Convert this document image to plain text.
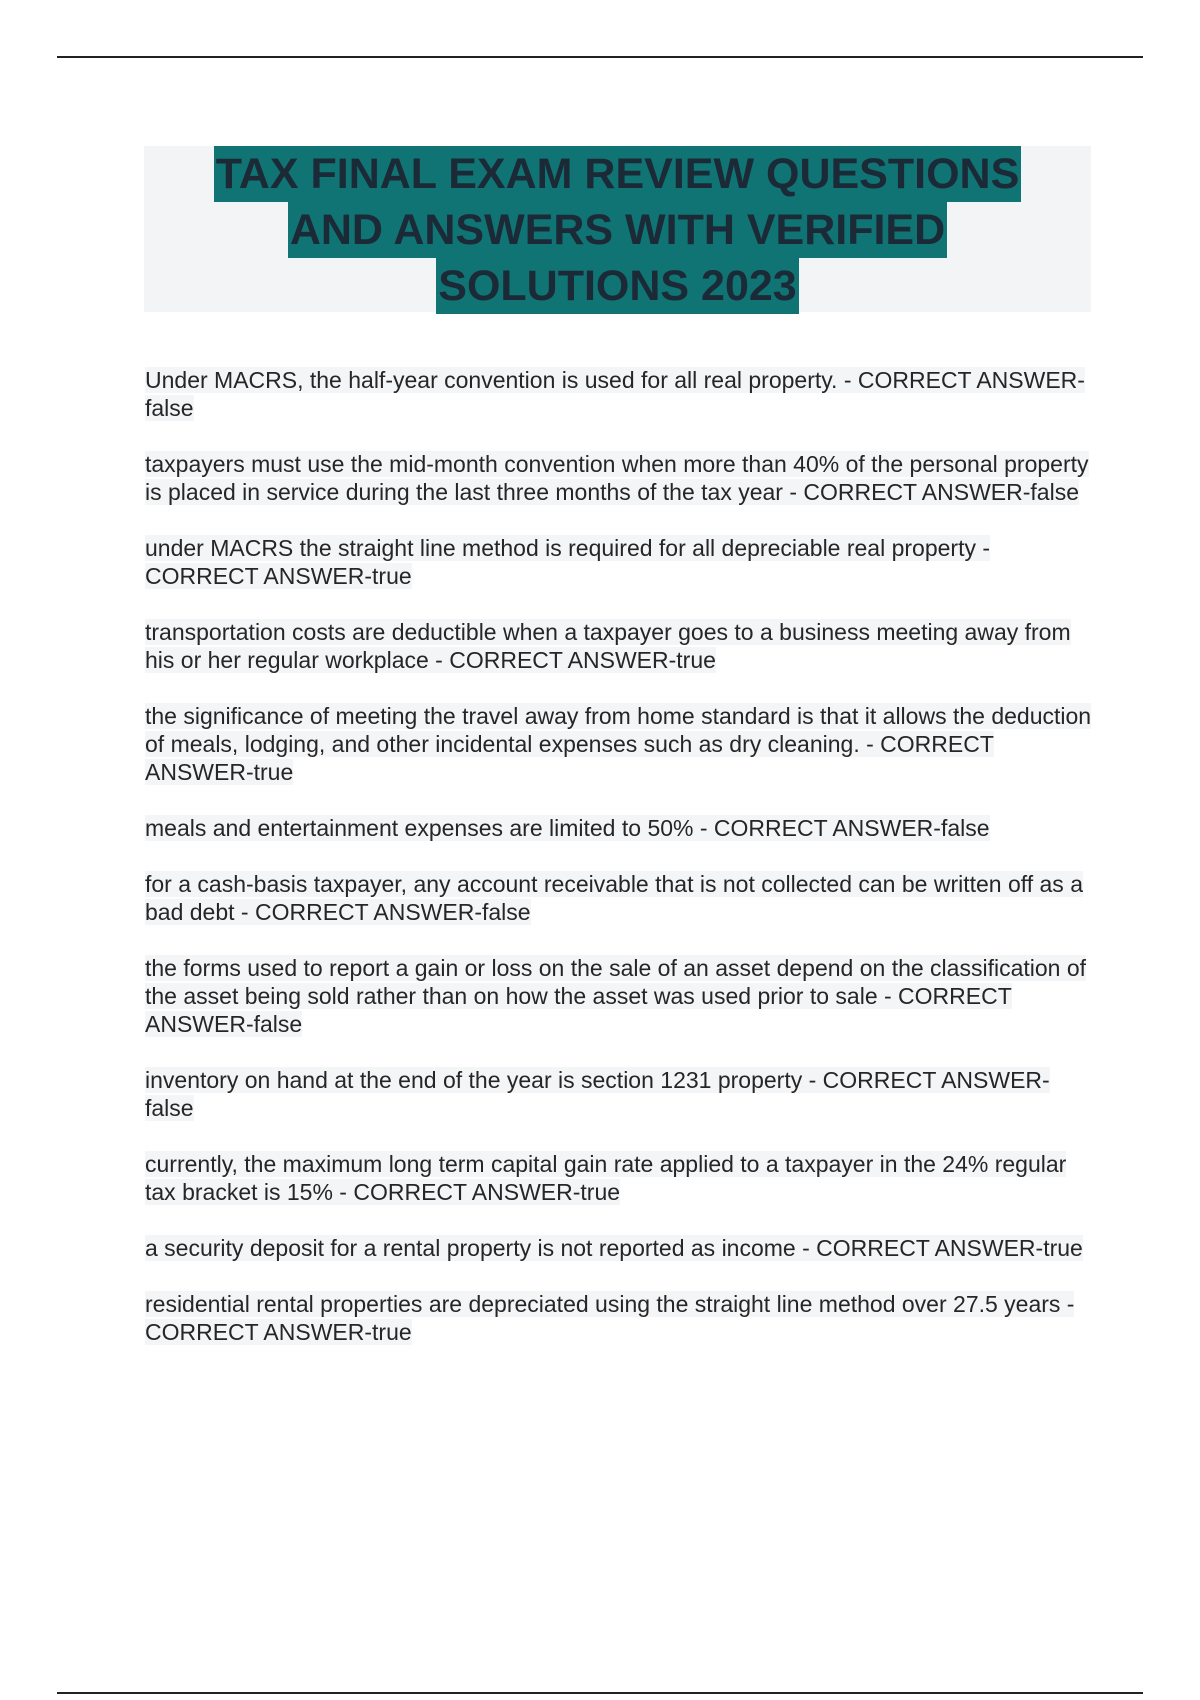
TAX FINAL EXAM REVIEW QUESTIONS
AND ANSWERS WITH VERIFIED
SOLUTIONS 2023

Under MACRS, the half-year convention is used for all real property. - CORRECT ANSWER-false

taxpayers must use the mid-month convention when more than 40% of the personal property is placed in service during the last three months of the tax year - CORRECT ANSWER-false

under MACRS the straight line method is required for all depreciable real property - CORRECT ANSWER-true

transportation costs are deductible when a taxpayer goes to a business meeting away from his or her regular workplace - CORRECT ANSWER-true

the significance of meeting the travel away from home standard is that it allows the deduction of meals, lodging, and other incidental expenses such as dry cleaning. - CORRECT ANSWER-true

meals and entertainment expenses are limited to 50% - CORRECT ANSWER-false

for a cash-basis taxpayer, any account receivable that is not collected can be written off as a bad debt - CORRECT ANSWER-false

the forms used to report a gain or loss on the sale of an asset depend on the classification of the asset being sold rather than on how the asset was used prior to sale - CORRECT ANSWER-false

inventory on hand at the end of the year is section 1231 property - CORRECT ANSWER-false

currently, the maximum long term capital gain rate applied to a taxpayer in the 24% regular tax bracket is 15% - CORRECT ANSWER-true

a security deposit for a rental property is not reported as income - CORRECT ANSWER-true

residential rental properties are depreciated using the straight line method over 27.5 years - CORRECT ANSWER-true
